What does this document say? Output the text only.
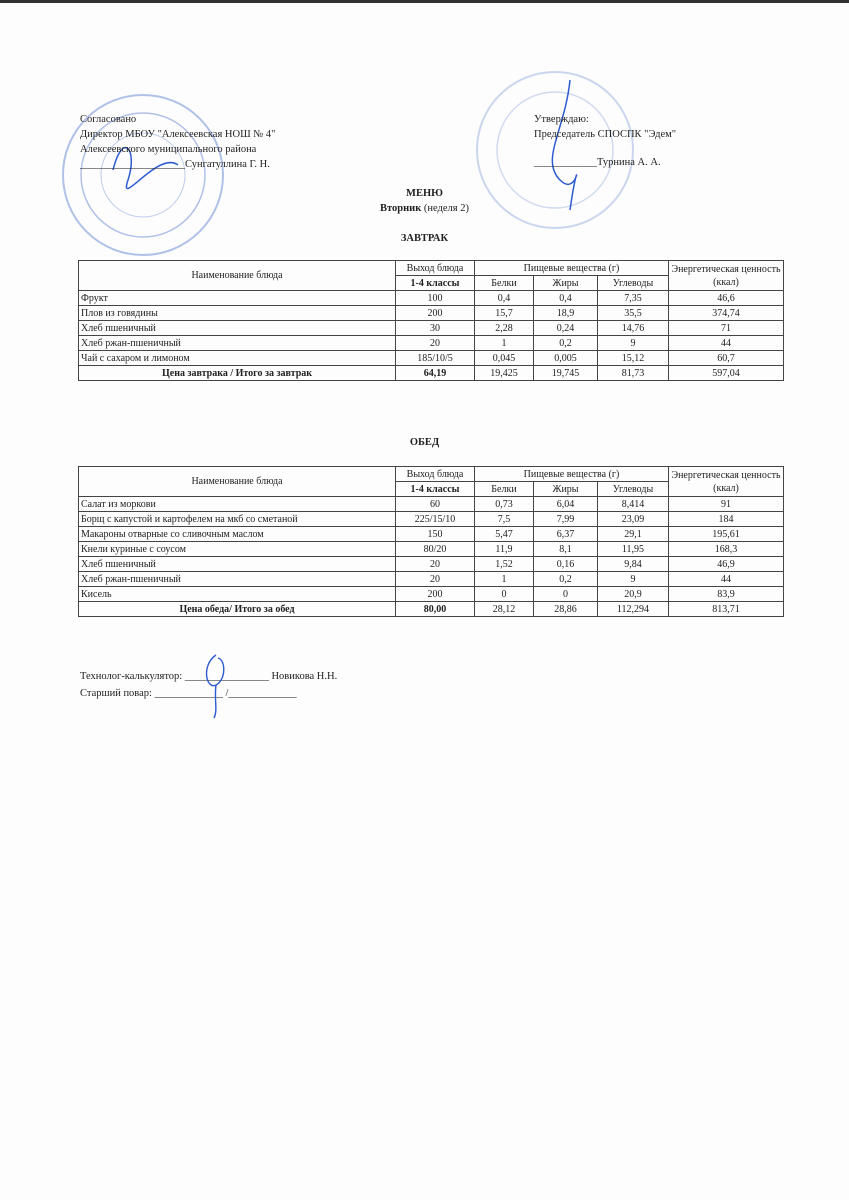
Согласовано
Директор МБОУ "Алексеевская НОШ № 4"
Алексеевского муниципального района
____________________Сунгатуллина Г. Н.
Утверждаю:
Председатель СПОСПК "Эдем"

____________Турнина А. А.
МЕНЮ
Вторник (неделя 2)
ЗАВТРАК
Наименование блюда	Выход блюда	Пищевые вещества (г)			Энергетическая ценность (ккал)
	1-4 классы	Белки	Жиры	Углеводы	
Фрукт	100	0,4	0,4	7,35	46,6
Плов из говядины	200	15,7	18,9	35,5	374,74
Хлеб пшеничный	30	2,28	0,24	14,76	71
Хлеб ржан-пшеничный	20	1	0,2	9	44
Чай с сахаром и лимоном	185/10/5	0,045	0,005	15,12	60,7
Цена завтрака / Итого за завтрак	64,19	19,425	19,745	81,73	597,04
ОБЕД
Наименование блюда	Выход блюда	Пищевые вещества (г)			Энергетическая ценность (ккал)
	1-4 классы	Белки	Жиры	Углеводы	
Салат из моркови	60	0,73	6,04	8,414	91
Борщ с капустой и картофелем на мкб со сметаной	225/15/10	7,5	7,99	23,09	184
Макароны отварные со сливочным маслом	150	5,47	6,37	29,1	195,61
Кнели куриные с соусом	80/20	11,9	8,1	11,95	168,3
Хлеб пшеничный	20	1,52	0,16	9,84	46,9
Хлеб ржан-пшеничный	20	1	0,2	9	44
Кисель	200	0	0	20,9	83,9
Цена обеда/ Итого за обед	80,00	28,12	28,86	112,294	813,71
Технолог-калькулятор: ________________ Новикова Н.Н.
Старший повар: _____________ /_____________
